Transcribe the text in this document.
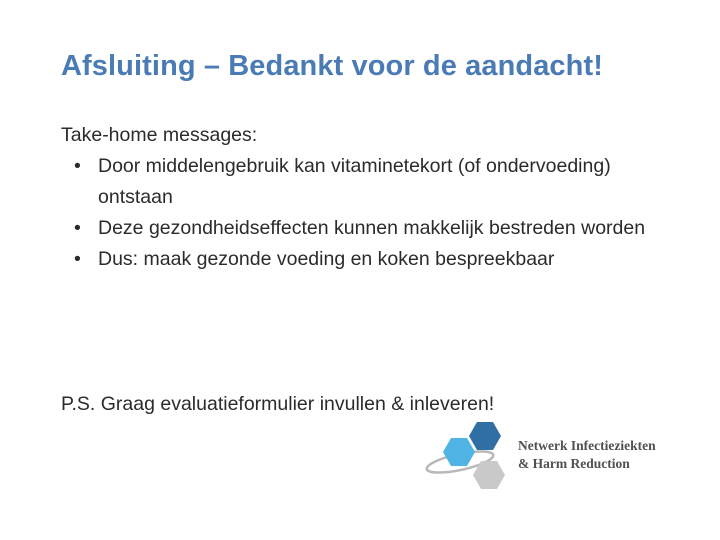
Afsluiting – Bedankt voor de aandacht!

Take-home messages:

• Door middelengebruik kan vitaminetekort (of ondervoeding) ontstaan
• Deze gezondheidseffecten kunnen makkelijk bestreden worden
• Dus: maak gezonde voeding en koken bespreekbaar
P.S. Graag evaluatieformulier invullen & inleveren!
Netwerk Infectieziekten
& Harm Reduction
